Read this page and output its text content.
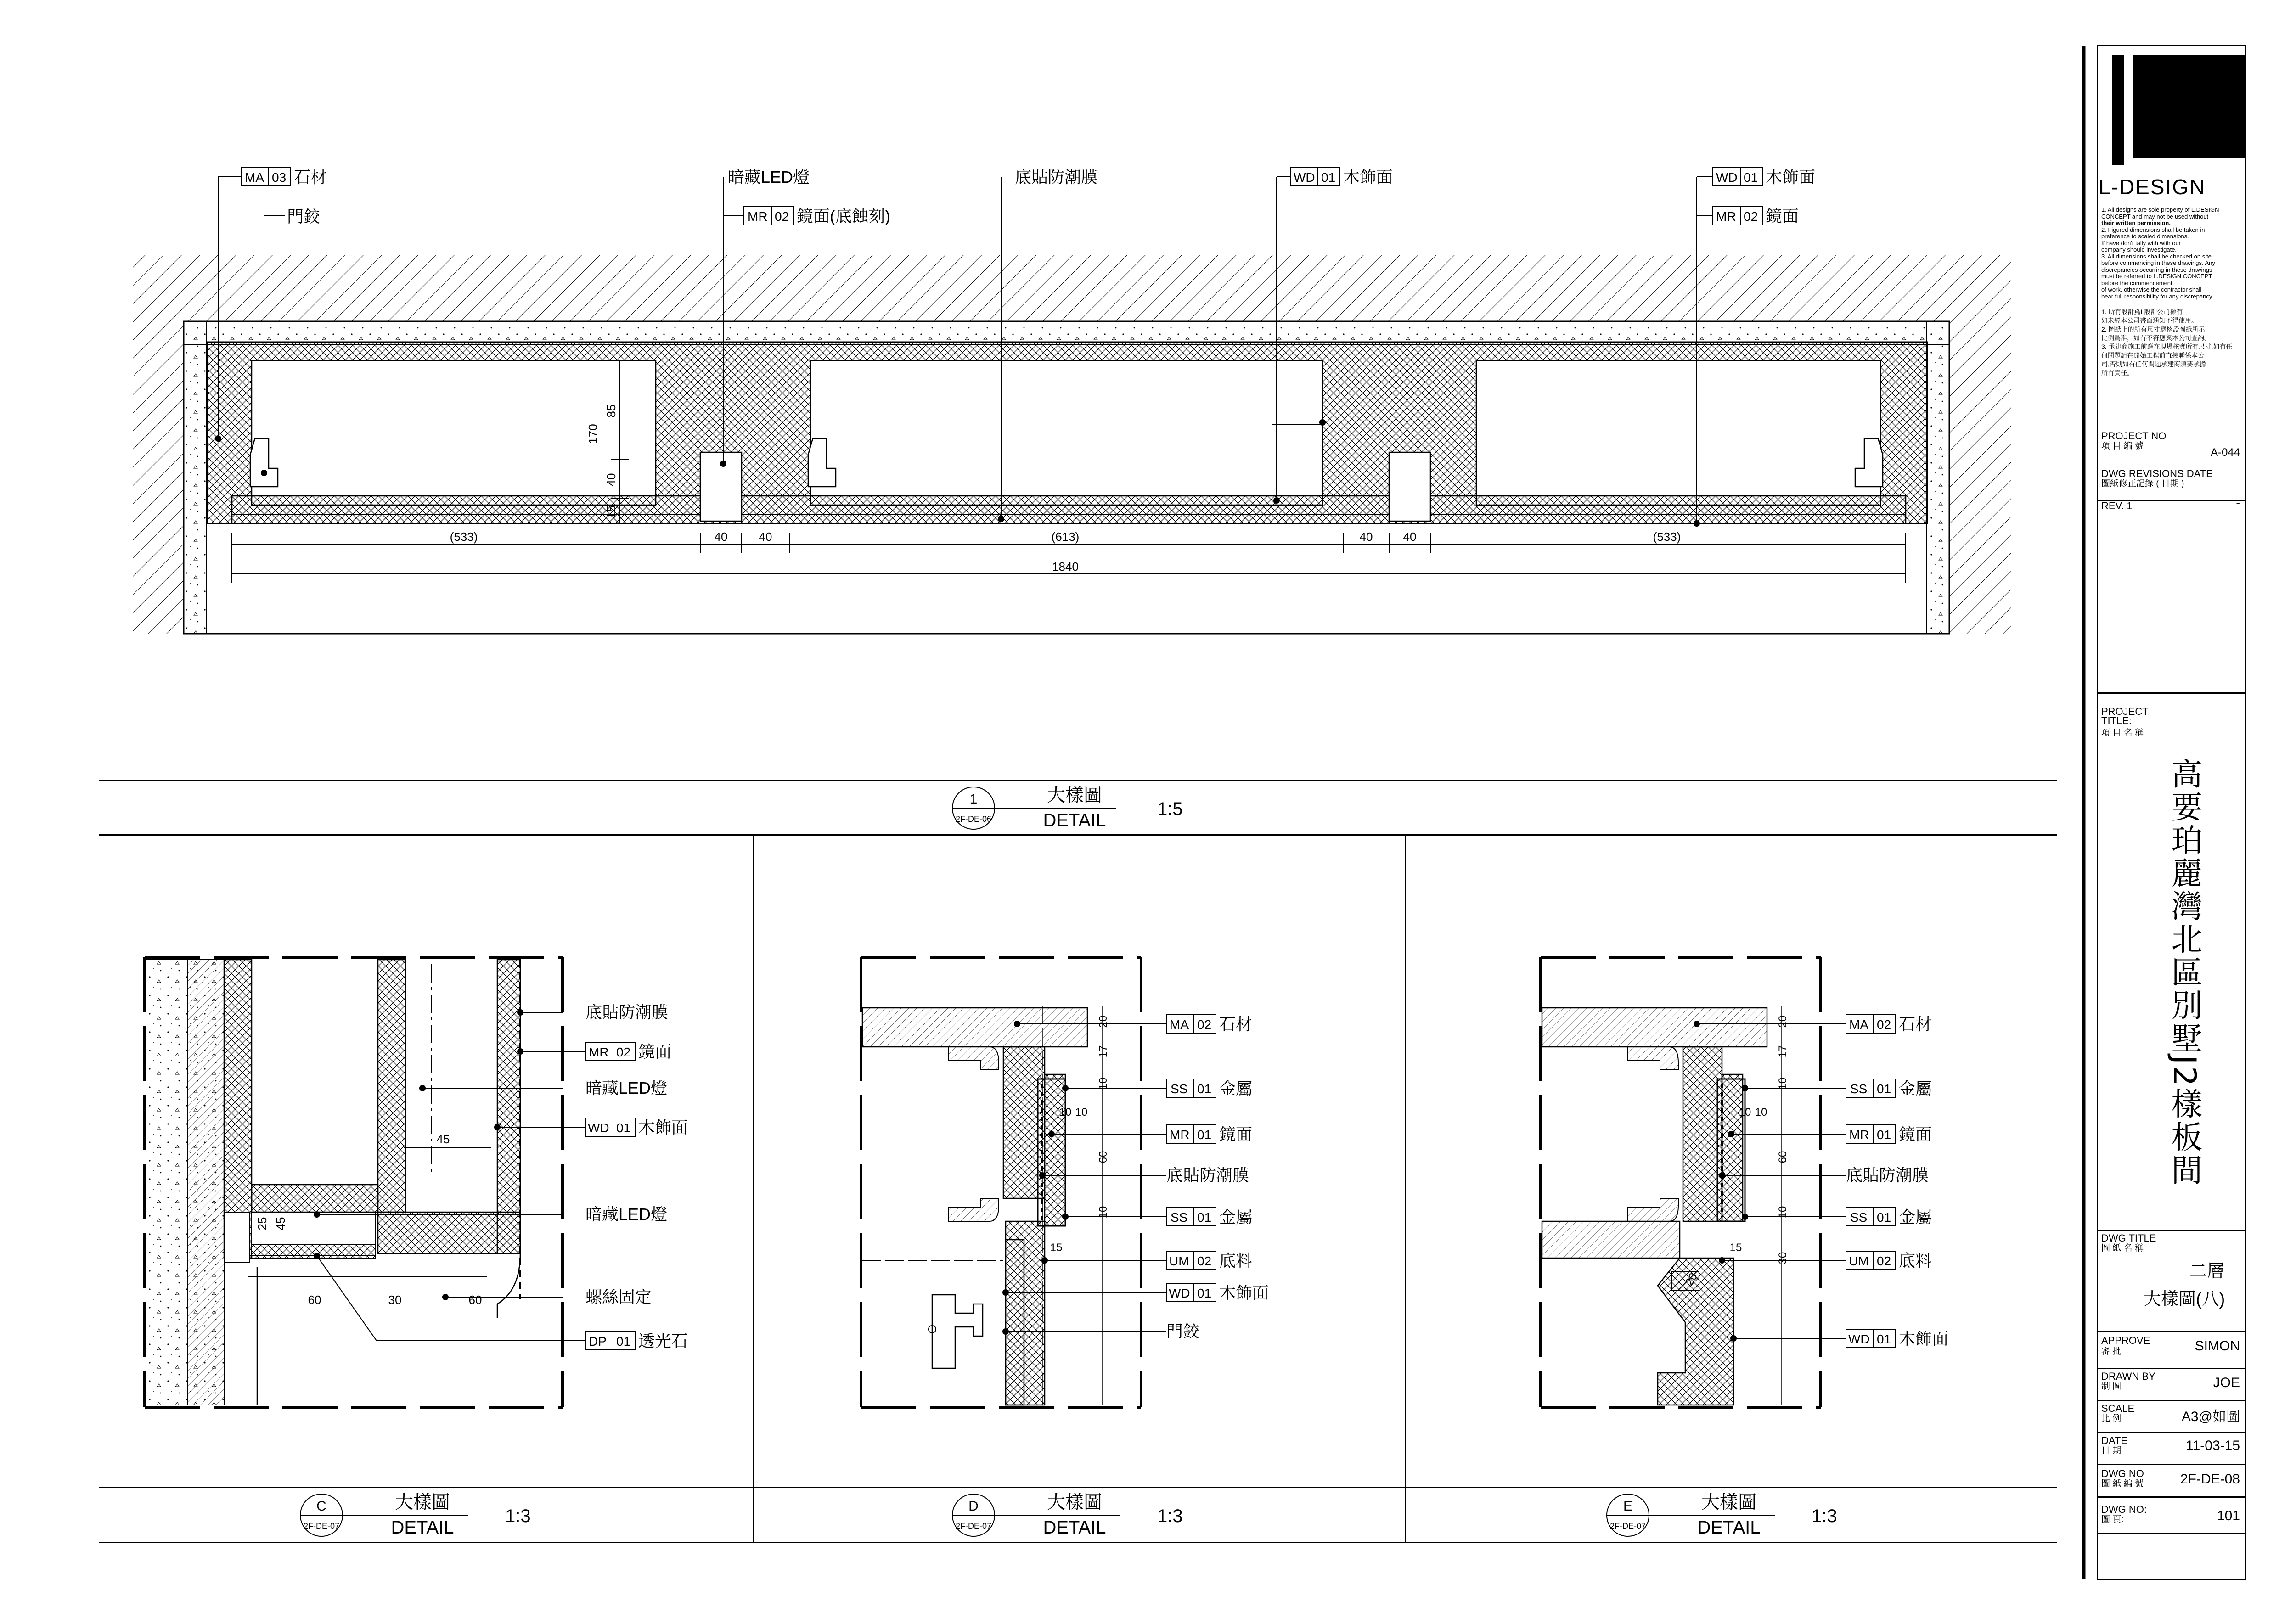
(533)	40	40	(613)	40	40	(533)
1840
170
85
40
15
MA 03 石材
門鉸
暗藏LED燈
MR 02 鏡面(底蝕刻)
底貼防潮膜	WD 01 木飾面	WD 01 木飾面
MR 02 鏡面
1
2F-DE-06
大樣圖
DETAIL
1:5
45
25 45
60	30	60
底貼防潮膜
MR 02 鏡面
暗藏LED燈
WD 01 木飾面
暗藏LED燈
螺絲固定
DP 01 透光石
20
17
10
10 10
60
10
15
MA 02 石材
SS 01 金屬
MR 01 鏡面
底貼防潮膜
SS 01 金屬
UM 02 底料
WD 01 木飾面
門鉸
20
17
10
10 10
60
10
15
30
20
MA 02 石材
SS 01 金屬
MR 01 鏡面
底貼防潮膜
SS 01 金屬
UM 02 底料
WD 01 木飾面
C
2F-DE-07
大樣圖
DETAIL
1:3	D
2F-DE-07
大樣圖
DETAIL
1:3	E
2F-DE-07
大樣圖
DETAIL
1:3
L-DESIGN
1. All designs are sole property of L.DESIGN
CONCEPT and may not be used without
their written permission.
2. Figured dimensions shall be taken in
preference to scaled dimensions.
If have don't tally with with our
company should investigate.
3. All dimensions shall be checked on site
before commencing in these drawings. Any
discrepancies occurring in these drawings
must be referred to L.DESIGN CONCEPT
before the commencement
of work, otherwise the contractor shall
bear full responsibility for any discrepancy.
1. 所有設計爲L設計公司擁有
如未經本公司書面通知不得使用。
2. 圖紙上的所有尺寸應核證圖紙所示
比例爲准，如有不符應與本公司查詢。
3. 承建商施工前應在現場核實所有尺寸,如有任
何問題請在開始工程前直接聯係本公
司,否則如有任何問題承建商須要承擔
所有責任。
PROJECT NO
項 目 編 號
A-044
DWG REVISIONS DATE
圖紙修正記錄 ( 日期 )
REV. 1	-
PROJECT TITLE:
項 目 名 稱
高要珀麗灣北區別墅J2樣板間
DWG TITLE
圖 紙 名 稱
二層
大樣圖(八)
APPROVE
審 批	SIMON
DRAWN BY
制 圖	JOE
SCALE
比 例	A3@如圖
DATE
日 期	11-03-15
DWG NO
圖 紙 編 號	2F-DE-08
DWG NO:
圖 頁:	101
